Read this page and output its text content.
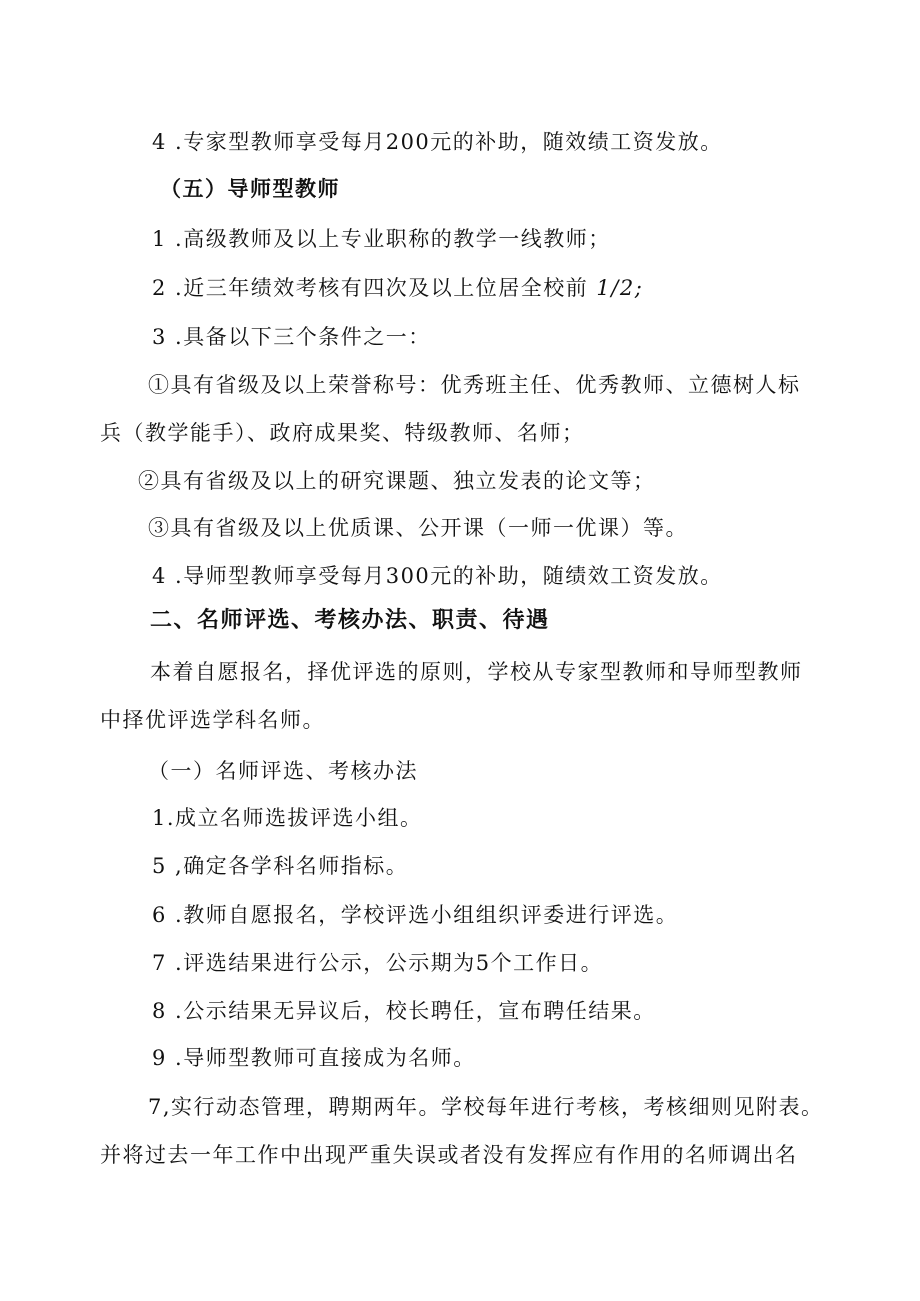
4 .专家型教师享受每月200元的补助，随效绩工资发放。
（五）导师型教师
1 .高级教师及以上专业职称的教学一线教师；
2 .近三年绩效考核有四次及以上位居全校前 1/2;
3 .具备以下三个条件之一：
①具有省级及以上荣誉称号：优秀班主任、优秀教师、立德树人标
兵（教学能手）、政府成果奖、特级教师、名师；
②具有省级及以上的研究课题、独立发表的论文等；
③具有省级及以上优质课、公开课（一师一优课）等。
4 .导师型教师享受每月300元的补助，随绩效工资发放。
二、名师评选、考核办法、职责、待遇
本着自愿报名，择优评选的原则，学校从专家型教师和导师型教师
中择优评选学科名师。
（一）名师评选、考核办法
1.成立名师选拔评选小组。
5 ,确定各学科名师指标。
6 .教师自愿报名，学校评选小组组织评委进行评选。
7 .评选结果进行公示，公示期为5个工作日。
8 .公示结果无异议后，校长聘任，宣布聘任结果。
9 .导师型教师可直接成为名师。
7,实行动态管理，聘期两年。学校每年进行考核，考核细则见附表。
并将过去一年工作中出现严重失误或者没有发挥应有作用的名师调出名
